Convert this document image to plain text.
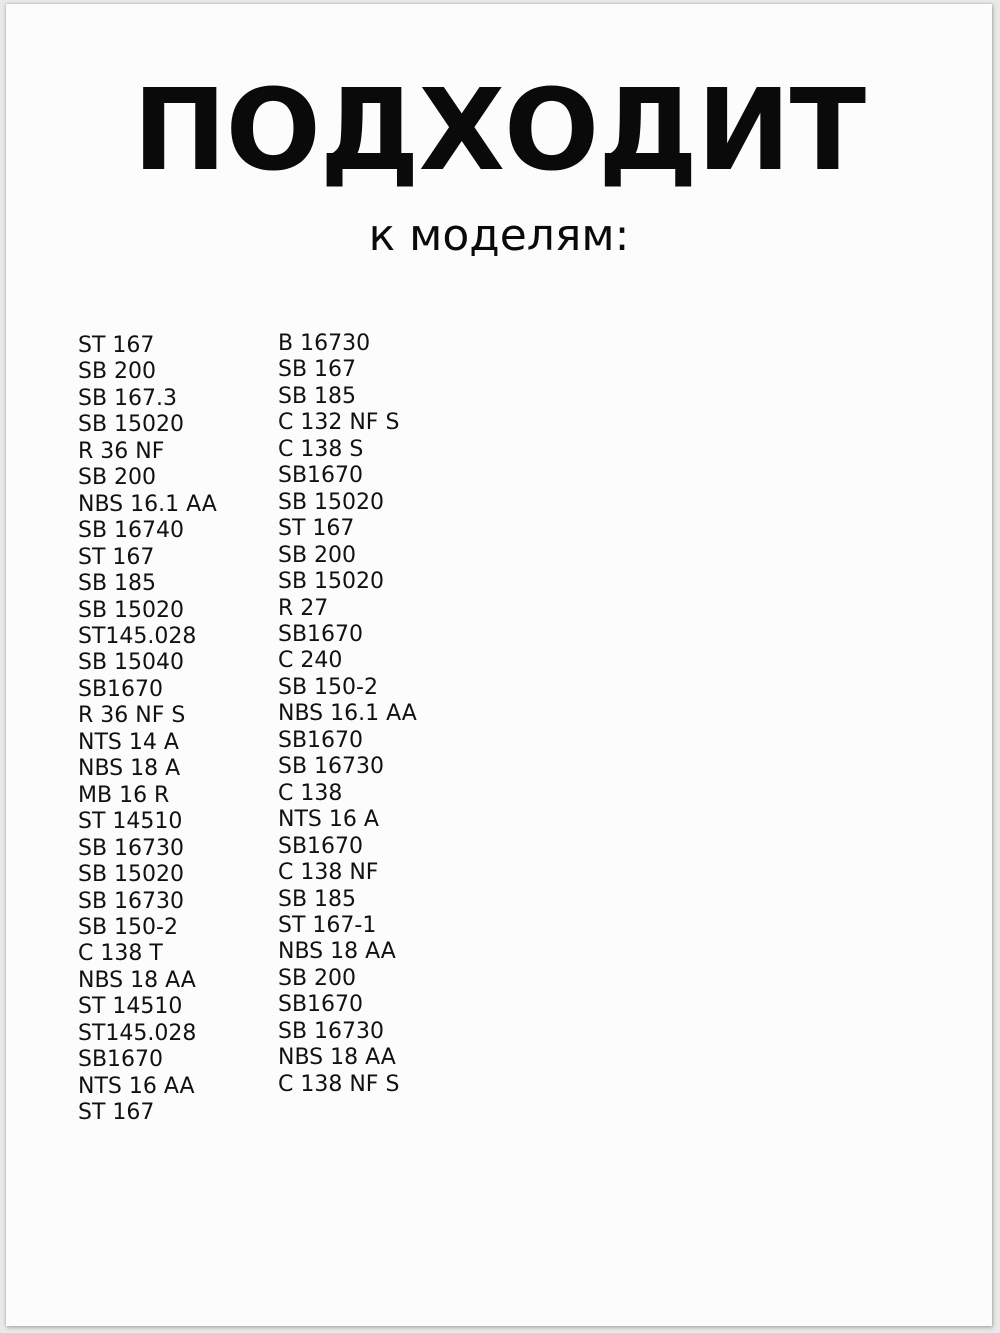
ПОДХОДИТ
к моделям:
ST 167
SB 200
SB 167.3
SB 15020
R 36 NF
SB 200
NBS 16.1 AA
SB 16740
ST 167
SB 185
SB 15020
ST145.028
SB 15040
SB1670
R 36 NF S
NTS 14 A
NBS 18 A
MB 16 R
ST 14510
SB 16730
SB 15020
SB 16730
SB 150-2
C 138 T
NBS 18 AA
ST 14510
ST145.028
SB1670
NTS 16 AA
ST 167
B 16730
SB 167
SB 185
C 132 NF S
C 138 S
SB1670
SB 15020
ST 167
SB 200
SB 15020
R 27
SB1670
C 240
SB 150-2
NBS 16.1 AA
SB1670
SB 16730
C 138
NTS 16 A
SB1670
C 138 NF
SB 185
ST 167-1
NBS 18 AA
SB 200
SB1670
SB 16730
NBS 18 AA
C 138 NF S
